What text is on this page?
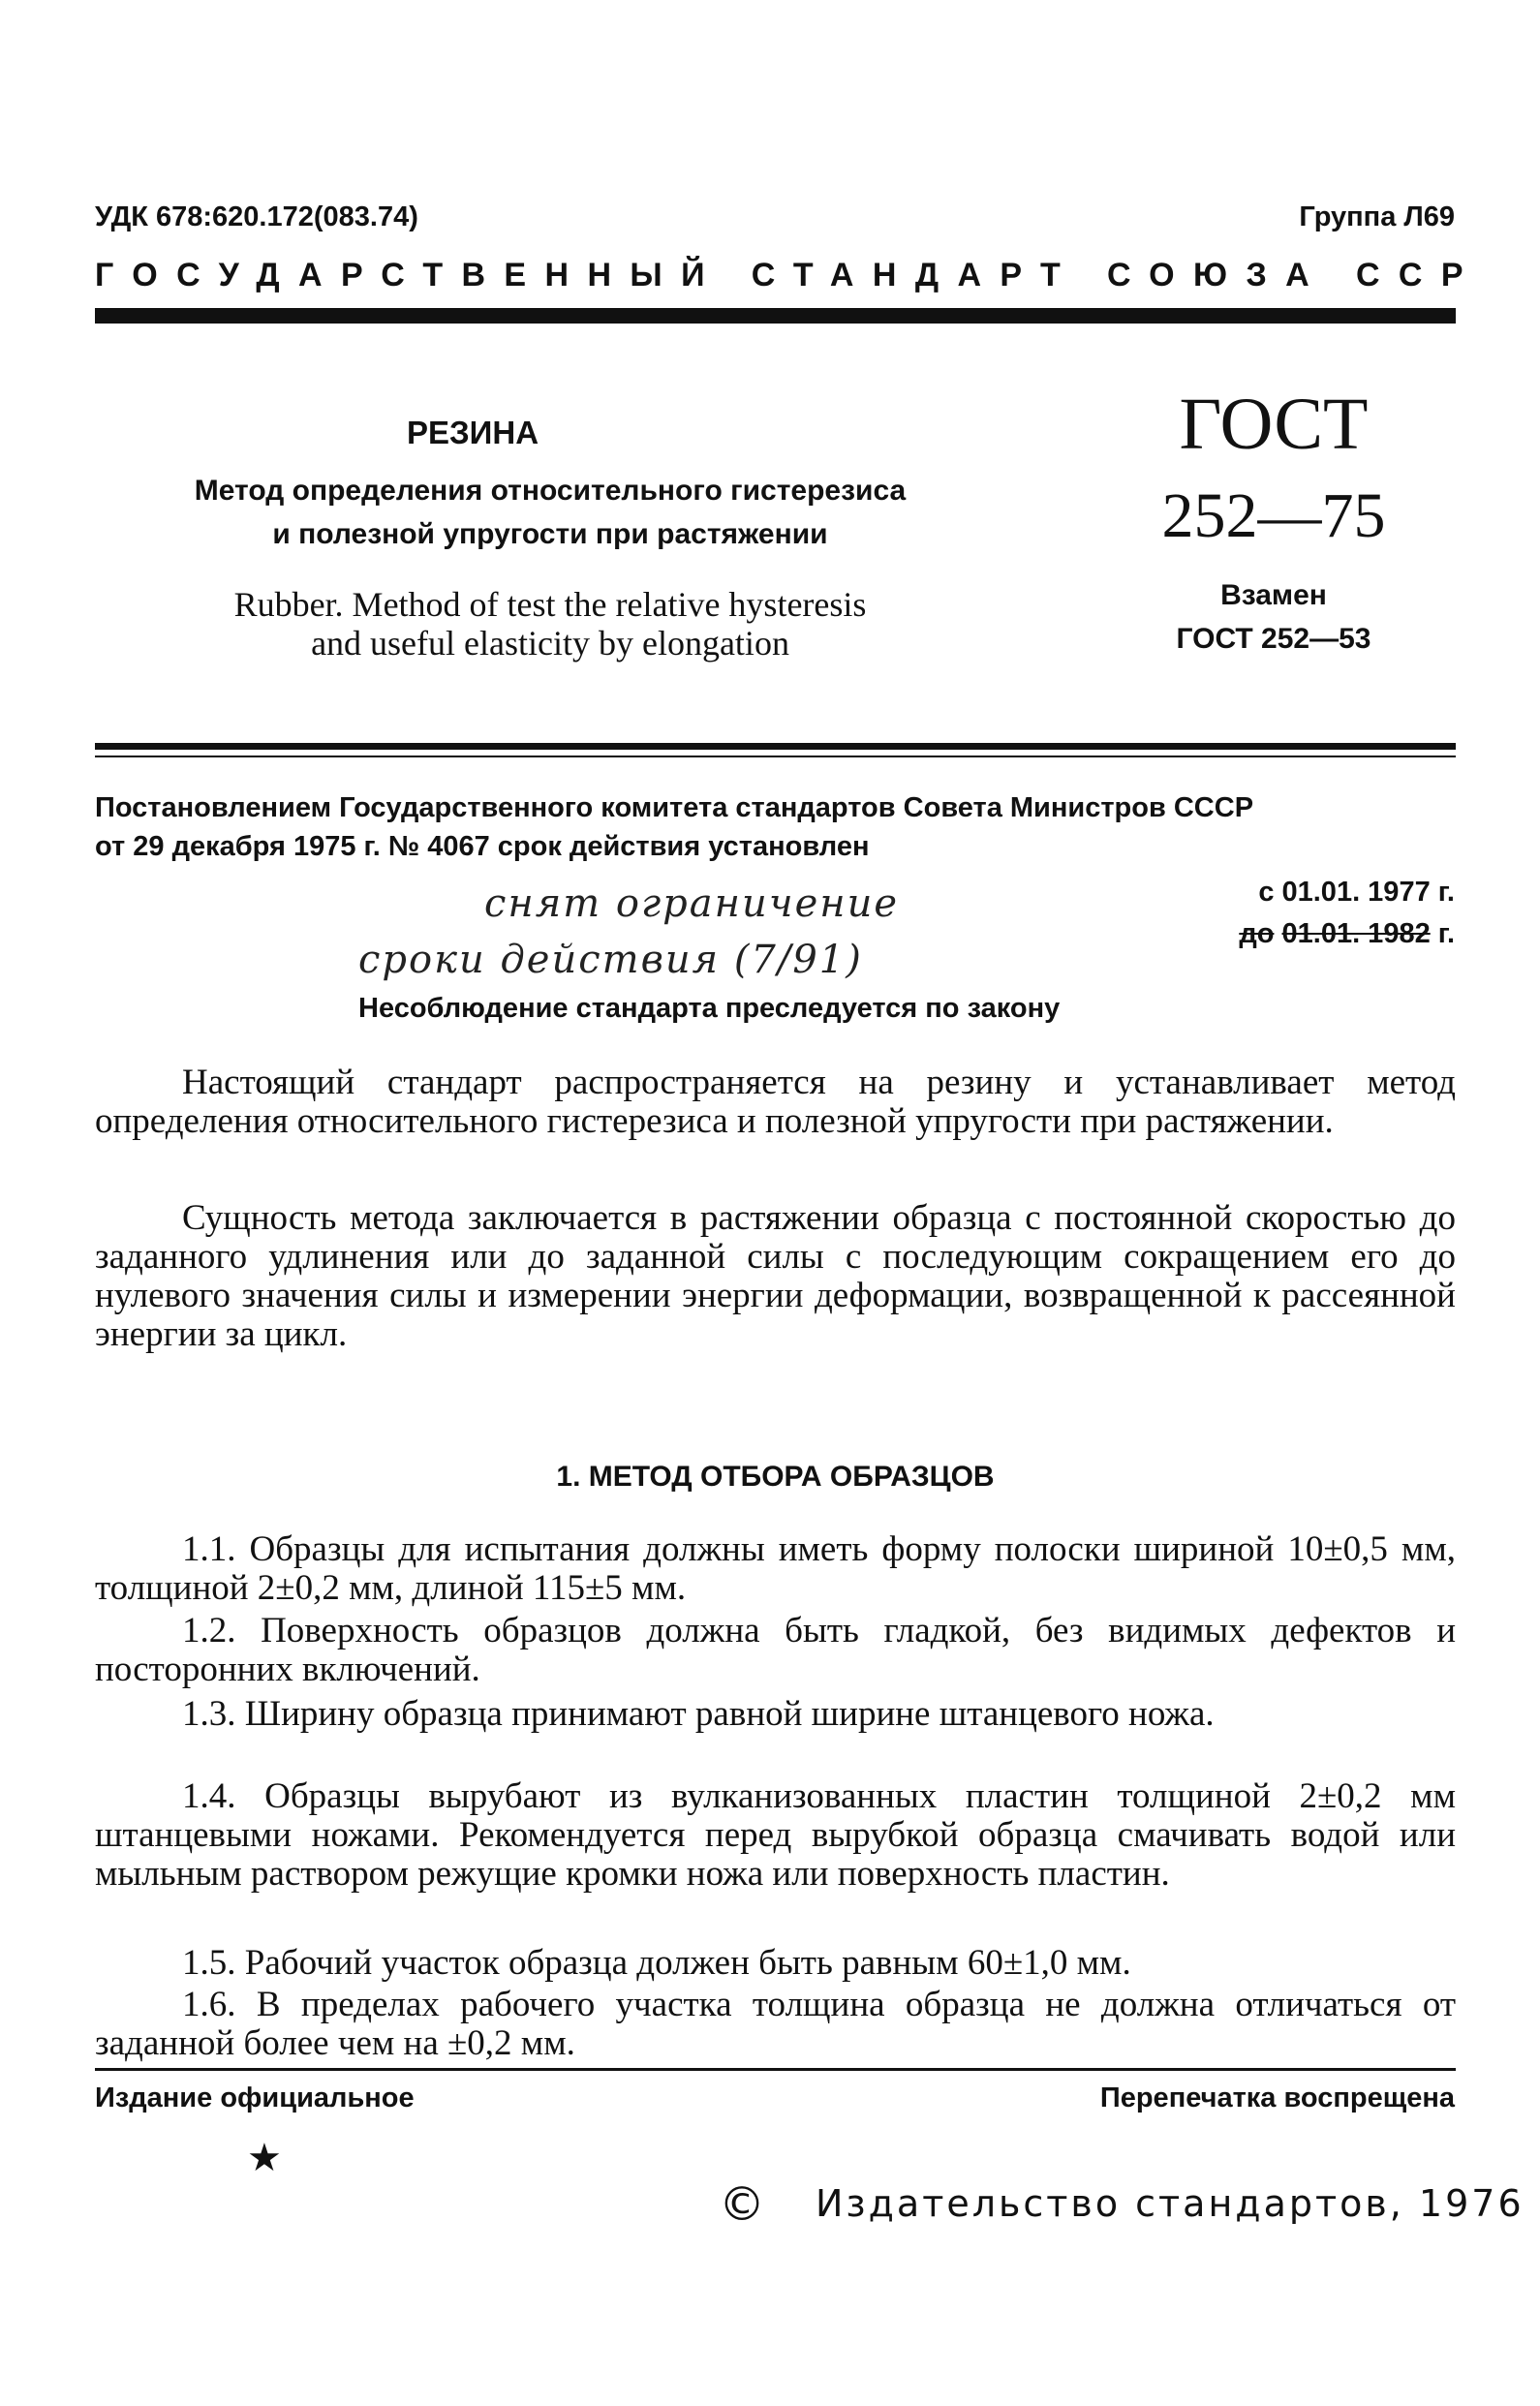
УДК 678:620.172(083.74)	Группа Л69
ГОСУДАРСТВЕННЫЙ СТАНДАРТ СОЮЗА ССР
РЕЗИНА
Метод определения относительного гистерезиса
и полезной упругости при растяжении
Rubber. Method of test the relative hysteresis
and useful elasticity by elongation
ГОСТ
252—75
Взамен
ГОСТ 252—53
Постановлением Государственного комитета стандартов Совета Министров СССР
от 29 декабря 1975 г. № 4067 срок действия установлен
с 01.01. 1977 г.
до 01.01. 1982 г.
снят ограничение
сроки действия (7/91)
Несоблюдение стандарта преследуется по закону
Настоящий стандарт распространяется на резину и устанавливает метод определения относительного гистерезиса и полезной упругости при растяжении.
Сущность метода заключается в растяжении образца с постоянной скоростью до заданного удлинения или до заданной силы с последующим сокращением его до нулевого значения силы и измерении энергии деформации, возвращенной к рассеянной энергии за цикл.
1. МЕТОД ОТБОРА ОБРАЗЦОВ
1.1. Образцы для испытания должны иметь форму полоски шириной 10±0,5 мм, толщиной 2±0,2 мм, длиной 115±5 мм.
1.2. Поверхность образцов должна быть гладкой, без видимых дефектов и посторонних включений.
1.3. Ширину образца принимают равной ширине штанцевого ножа.
1.4. Образцы вырубают из вулканизованных пластин толщиной 2±0,2 мм штанцевыми ножами. Рекомендуется перед вырубкой образца смачивать водой или мыльным раствором режущие кромки ножа или поверхность пластин.
1.5. Рабочий участок образца должен быть равным 60±1,0 мм.
1.6. В пределах рабочего участка толщина образца не должна отличаться от заданной более чем на ±0,2 мм.
Издание официальное	Перепечатка воспрещена
★
© Издательство стандартов, 1976
